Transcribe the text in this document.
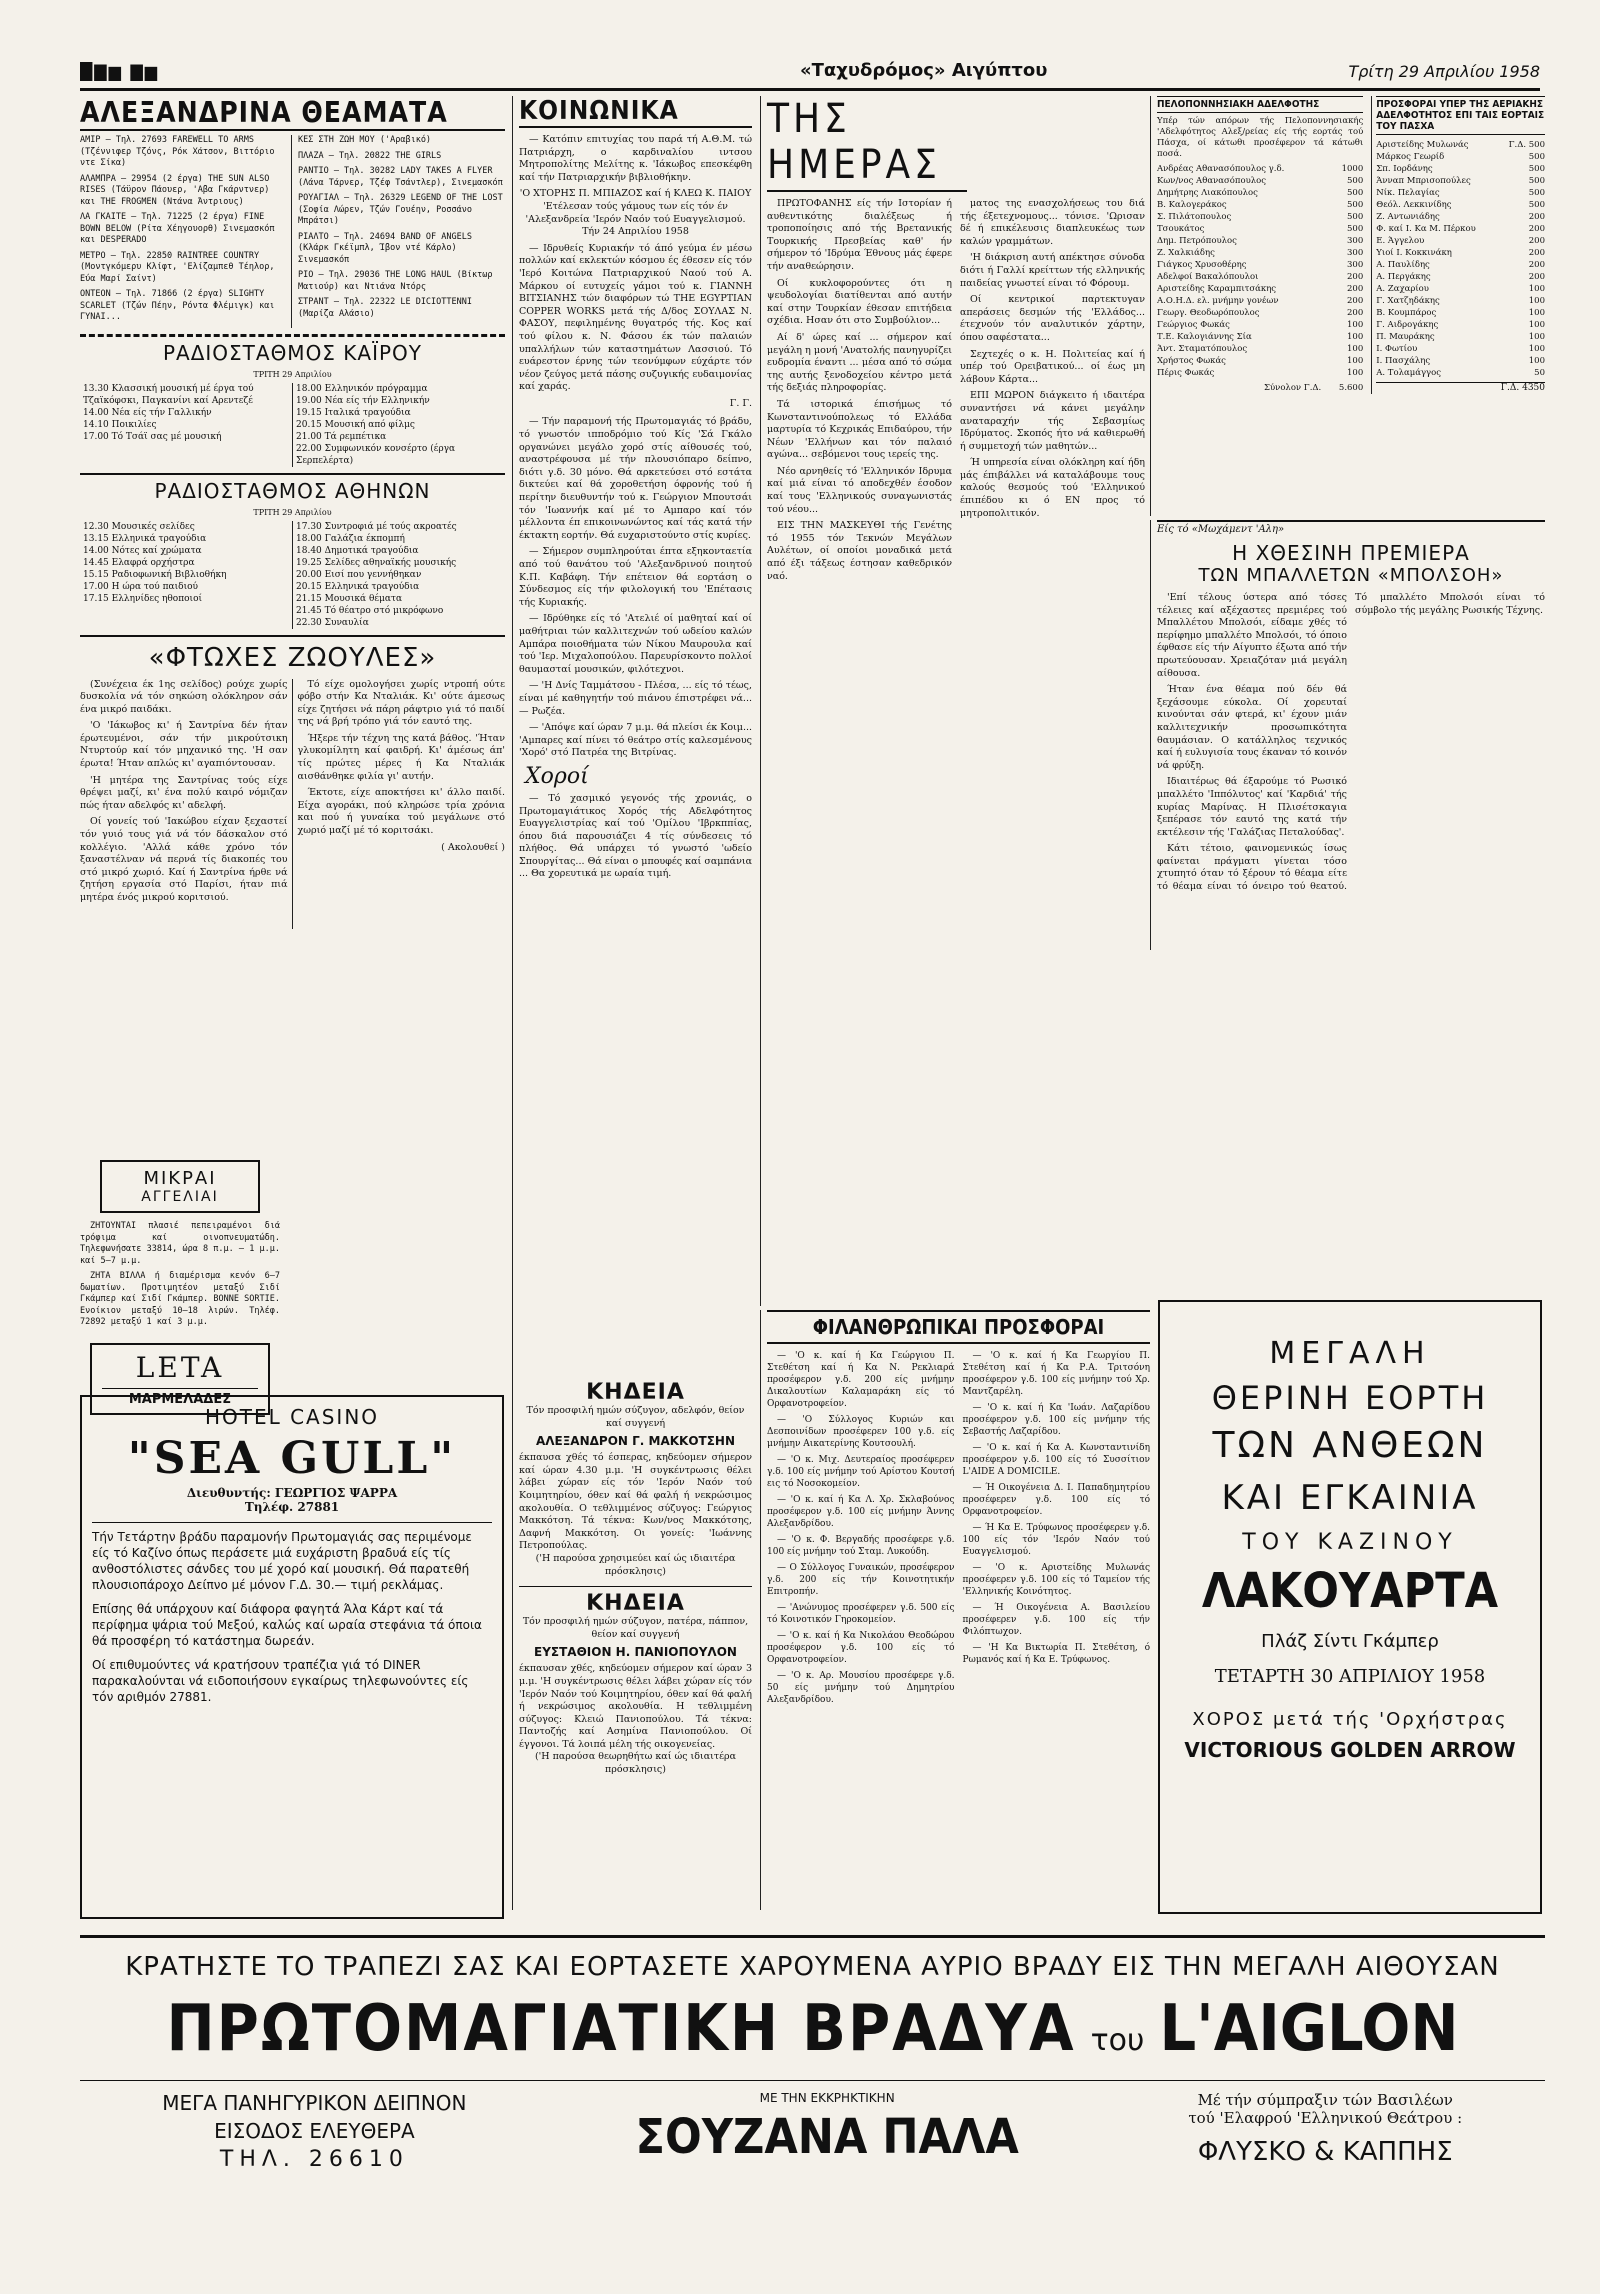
█▇▆ ▇▆	«Ταχυδρόμος» Αιγύπτου	Τρίτη 29 Απριλίου 1958
ΑΛΕΞΑΝΔΡΙΝΑ ΘΕΑΜΑΤΑ
AMIP — Τηλ. 27693 FAREWELL TO ARMS (Τζέννιφερ Τζόνς, Ρόκ Χάτσον, Βιττόριο ντε Σίκα)
ΑΛΑΜΠΡΑ — 29954 (2 έργα) THE SUN ALSO RISES (Τάϋρον Πάουερ, 'Αβα Γκάρντνερ) και THE FROGMEN (Ντάνα Άντριους)
ΛΑ ΓΚΑΙΤΕ — Τηλ. 71225 (2 έργα) FINE BOWN BELOW (Ρίτα Χέηγουορθ) Σινεμασκόπ και DESPERADO
ΜΕΤΡΟ — Τηλ. 22850 RAINTREE COUNTRY (Μοντγκόμερυ Κλίφτ, 'Ελίζαμπεθ Τέηλορ, Εύα Μαρί Σαίντ)
ΟΝΤΕΟΝ — Τηλ. 71866 (2 έργα) SLIGHTY SCARLET (Τζών Πέην, Ρόντα Φλέμιγκ) και ΓΥΝΑΙ...
ΚΕΣ ΣΤΗ ΖΩΗ ΜΟΥ ('Αραβικό)
ΠΛΑΖΑ — Τηλ. 20822 THE GIRLS
ΡΑΝΤΙΟ — Τηλ. 30282 LADY TAKES A FLYER (Λάνα Τάρνερ, Τζέφ Τσάντλερ), Σινεμασκόπ
ΡΟΥΑΓΙΑΛ — Τηλ. 26329 LEGEND OF THE LOST (Σοφία Λώρεν, Τζών Γουέην, Ροσσάνο Μπράτσι)
ΡΙΑΛΤΟ — Τηλ. 24694 BAND OF ANGELS (Κλάρκ Γκέϊμπλ, Ίβον ντέ Κάρλο) Σινεμασκόπ
ΡΙΟ — Τηλ. 29036 THE LONG HAUL (Βίκτωρ Ματιούρ) και Ντιάνα Ντόρς
ΣΤΡΑΝΤ — Τηλ. 22322 LE DICIOTTENNI (Μαρίζα Αλάσιο)
ΡΑΔΙΟΣΤΑΘΜΟΣ ΚΑΪΡΟΥ
ΤΡΙΤΗ 29 Απριλίου
13.30 Κλασσική μουσική μέ έργα τού Τζαϊκόφσκι, Παγκανίνι καί Αρεντεζέ
14.00 Νέα είς τήν Γαλλικήν
14.10 Ποικιλίες
17.00 Τό Τσάϊ σας μέ μουσική

18.00 Ελληνικόν πρόγραμμα
19.00 Νέα είς τήν Ελληνικήν
19.15 Ιταλικά τραγούδια
20.15 Μουσική από φίλμς
21.00 Τά ρεμπέτικα
22.00 Συμφωνικόν κονσέρτο (έργα Σερπελέρτα)
ΡΑΔΙΟΣΤΑΘΜΟΣ ΑΘΗΝΩΝ
ΤΡΙΤΗ 29 Απριλίου
12.30 Μουσικές σελίδες
13.15 Ελληνικά τραγούδια
14.00 Νότες καί χρώματα
14.45 Ελαφρά ορχήστρα
15.15 Ραδιοφωνική Βιβλιοθήκη
17.00 Η ώρα τού παιδιού
17.15 Ελληνίδες ηθοποιοί

17.30 Συντροφιά μέ τούς ακροατές
18.00 Γαλάζια έκπομπή
18.40 Δημοτικά τραγούδια
19.25 Σελίδες αθηναϊκής μουσικής
20.00 Εισί που γεννήθηκαν
20.15 Ελληνικά τραγούδια
21.15 Μουσικά θέματα
21.45 Τό θέατρο στό μικρόφωνο
22.30 Συναυλία
«ΦΤΩΧΕΣ ΖΩΟΥΛΕΣ»

(Συνέχεια έκ 1ης σελίδος) ρούχε χωρίς δυσκολία νά τόν σηκώση ολόκληρον σάν ένα μικρό παιδάκι.

'Ο 'Ιάκωβος κι' ή Σαντρίνα δέν ήταν έρωτευμένοι, σάν τήν μικρούτσικη Ντυρτούρ καί τόν μηχανικό της. 'Η σαν έρωτα! Ήταν απλώς κι' αγαπιόντουσαν.

'Η μητέρα της Σαντρίνας τούς είχε θρέψει μαζί, κι' ένα πολύ καιρό νόμιζαν πώς ήταν αδελφός κι' αδελφή.

Οί γονείς τού 'Ιακώβου είχαν ξεχαστεί τόν γυιό τους γιά νά τόν δάσκαλον στό κολλέγιο. 'Αλλά κάθε χρόνο τόν ξαναστέλναν νά περνά τίς διακοπές του στό μικρό χωριό. Καί ή Σαντρίνα ήρθε νά ζητήση εργασία στό Παρίσι, ήταν πιά μητέρα ένός μικρού κοριτσιού.

Τό είχε ομολογήσει χωρίς ντροπή ούτε φόβο στήν Κα Νταλιάκ. Κι' ούτε άμεσως είχε ζητήσει νά πάρη ράφτριο γιά τό παιδί της νά βρή τρόπο γιά τόν εαυτό της.

Ήξερε τήν τέχνη της κατά βάθος. 'Ήταν γλυκομίλητη καί φαιδρή. Κι' άμέσως άπ' τίς πρώτες μέρες ή Κα Νταλιάκ αισθάνθηκε φιλία γι' αυτήν.

Έκτοτε, είχε αποκτήσει κι' άλλο παιδί. Είχα αγοράκι, πού κληρώσε τρία χρόνια και πού ή γυναίκα τού μεγάλωνε στό χωριό μαζί μέ τό κοριτσάκι.

( Ακολουθεί )
ΜΙΚΡΑΙ
ΑΓΓΕΛΙΑΙ

ΖΗΤΟΥΝΤΑΙ πλασιέ πεπειραμένοι διά τρόφιμα καί οινοπνευματώδη. Τηλεφωνήσατε 33814, ώρα 8 π.μ. — 1 μ.μ. καί 5—7 μ.μ.

ΖΗΤΑ ΒΙΛΛΑ ή διαμέρισμα κενόν 6—7 δωματίων. Προτιμητέον μεταξύ Σιδί Γκάμπερ καί Σιδί Γκάμπερ. BONNE SORTIE. Ενοίκιον μεταξύ 10—18 λιρών. Τηλέφ. 72892 μεταξύ 1 καί 3 μ.μ.

LETA
ΜΑΡΜΕΛΑΔΕΣ
HOTEL CASINO
"SEA GULL"
Διευθυντής: ΓΕΩΡΓΙΟΣ ΨΑΡΡΑ
Τηλέφ. 27881
Τήν Τετάρτην βράδυ παραμονήν Πρωτομαγιάς σας περιμένομε είς τό Καζίνο όπως περάσετε μιά ευχάριστη βραδυά είς τίς ανθοστόλιστες σάνδες του μέ χορό καί μουσική. Θά παρατεθή πλουσιοπάροχο Δείπνο μέ μόνον Γ.Δ. 30.— τιμή ρεκλάμας.
Επίσης θά υπάρχουν καί διάφορα φαγητά Άλα Κάρτ καί τά περίφημα ψάρια τού Μεξού, καλώς καί ωραία στεφάνια τά όποια θά προσφέρη τό κατάστημα δωρεάν.
Οί επιθυμούντες νά κρατήσουν τραπέζια γιά τό DINER παρακαλούνται νά ειδοποιήσουν εγκαίρως τηλεφωνούντες είς τόν αριθμόν 27881.
ΚΟΙΝΩΝΙΚΑ

— Κατόπιν επιτυχίας του παρά τή Α.Θ.Μ. τώ Πατριάρχη, ο καρδιναλίου ιντσου Μητροπολίτης Μελίτης κ. 'Ιάκωβος επεσκέφθη καί τήν Πατριαρχικήν βιβλιοθήκην.

'Ο ΧΤΟΡΗΣ Π. ΜΠΙΑΖΟΣ καί ή ΚΛΕΩ Κ. ΠΑΙΟΥ 'Ετέλεσαν τούς γάμους των είς τόν έν 'Αλεξανδρεία 'Ιερόν Ναόν τού Ευαγγελισμού. Τήν 24 Απριλίου 1958

— Ιδρυθείς Κυριακήν τό άπό γεύμα έν μέσω πολλών καί εκλεκτών κόσμου ές έθεσεν είς τόν 'Ιερό Κοιτώνα Πατριαρχικού Ναού τού Α. Μάρκου οί ευτυχείς γάμοι τού κ. ΓΙΑΝΝΗ ΒΙΤΣΙΑΝΗΣ τών διαφόρων τώ THE EGYPTIAN COPPER WORKS μετά τής Δ/δος ΣΟΥΛΑΣ Ν. ΦΑΣΟΥ, πεφιλημένης θυγατρός τής. Κος καί τού φίλου κ. Ν. Φάσου έκ τών παλαιών υπαλλήλων τών καταστημάτων Λασσιού. Τό ευάρεστον έρνης τών τεονύμφων εύχάρτε τόν νέον ζεύγος μετά πάσης συζυγικής ευδαιμονίας καί χαράς.

Γ. Γ.

— Τήν παραμονή τής Πρωτομαγιάς τό βράδυ, τό γνωστόν ιπποδρόμιο τού Κίς 'Σά Γκάλο οργανώνει μεγάλο χορό στίς αίθουσές τού, αναστρέφουσα μέ τήν πλουσιόπαρο δείπνο, διότι γ.δ. 30 μόνο. Θά αρκετεύσει στό εστάτα δικτεύει καί θά χοροθετήση όφρονής τού ή περίτην διευθυντήν τού κ. Γεώργιον Μπουτσάι τόν 'Ιωαννήκ καί μέ το Αμπαρο καί τόν μέλλοντα έπ επικοινωνώντος καί τάς κατά τήν έκτακτη εορτήν. Θά ευχαριστούντο στίς κυρίες.

— Σήμερον συμπληρούται έπτα εξηκονταετία από τού θανάτου τού 'Αλεξανδρινού ποιητού Κ.Π. Καβάφη. Τήν επέτειον θά εορτάση ο Σύνδεσμος είς τήν φιλολογική του 'Επέτασις τής Κυριακής.

— Ιδρύθηκε είς τό 'Ατελιέ οί μαθηταί καί οί μαθήτριαι τών καλλιτεχνών τού ωδείου καλών Αμπάρα ποιοθήματα τών Νίκου Μαυρουλα καί τού 'Ιερ. Μιχαλοπούλου. Παρευρίσκοντο πολλοί θαυμασταί μουσικών, φιλότεχνοι.

— 'Η Δνίς Ταμμάτσου - Πλέσα, ... είς τό τέως, είναι μέ καθηγητήν τού πιάνου έπιστρέφει νά... — Ρωζέα.

— 'Απόψε καί ώραν 7 μ.μ. θά πλείσι έκ Κοιμ... 'Αμπαρες καί πίνει τό θεάτρο στίς καλεσμένους 'Χορό' στό Πατρέα της Βιτρίνας.

Χοροί

— Τό χασμικό γεγονός τής χρονιάς, ο Πρωτομαγιάτικος Χορός τής Αδελφότητος Ευαγγελιστρίας καί τού 'Ομίλου 'Ιβρκππίας, όπου διά παρουσιάζει 4 τίς σύνδεσεις τό πλήθος. Θά υπάρχει τό γνωστό 'ωδείο Σπουργίτας... Θά είναι ο μπουφές καί σαμπάνια ... Θα χορευτικά με ωραία τιμή.

ΚΗΔΕΙΑ
Τόν προσφιλή ημών σύζυγον, αδελφόν, θείον καί συγγενή
ΑΛΕΞΑΝΔΡΟΝ Γ. ΜΑΚΚΟΤΣΗΝ
έκπαυσα χθές τό έσπερας, κηδεύομεν σήμερον καί ώραν 4.30 μ.μ. 'Η συγκέντρωσις θέλει λάβει χώραν είς τόν 'Ιερόν Ναόν τού Κοιμητηρίου, όθεν καί θά φαλή ή νεκρώσιμος ακολουθία. Ο τεθλιμμένος σύζυγος: Γεώργιος Μακκότση. Τά τέκνα: Κων/νος Μακκότσης, Δαφνή Μακκότση. Οι γονείς: 'Ιωάννης Πετροπούλας.
('Η παρούσα χρησιμεύει καί ώς ιδιαιτέρα πρόσκλησις)
ΚΗΔΕΙΑ
Τόν προσφιλή ημών σύζυγον, πατέρα, πάππον, θείον καί συγγενή
ΕΥΣΤΑΘΙΟΝ Η. ΠΑΝΙΟΠΟΥΛΟΝ
έκπαυσαν χθές, κηδεύομεν σήμερον καί ώραν 3 μ.μ. 'Η συγκέντρωσις θέλει λάβει χώραν είς τόν 'Ιερόν Ναόν τού Κοιμητηρίου, όθεν καί θά φαλή ή νεκρώσιμος ακολουθία. Η τεθλιμμένη σύζυγος: Κλειώ Πανιοπούλου. Τά τέκνα: Παντοζής καί Ασημίνα Πανιοπούλου. Οί έγγονοι. Τά λοιπά μέλη τής οικογενείας.
('Η παρούσα θεωρηθήτω καί ώς ιδιαιτέρα πρόσκλησις)
ΤΗΣ ΗΜΕΡΑΣ

ΠΡΩΤΟΦΑΝΗΣ είς τήν Ιστορίαν ή αυθεντικότης διαλέξεως ή τροποποίησις από τής Βρετανικής Τουρκικής Πρεσβείας καθ' ήν σήμερον τό 'Ιδρύμα Έθνους μάς έφερε τήν αναθεώρησιν.

Οί κυκλοφορούντες ότι η ψευδολογίαι διατίθενται από αυτήν καί στην Τουρκίαν έθεσαν επιτήδεια σχέδια. Ησαν ότι στο Συμβούλιον...

Αί δ' ώρες καί ... σήμερον καί μεγάλη η μονή 'Ανατολής πανηγυρίζει ευδρομία έναντι ... μέσα από τό σώμα της αυτής ξενοδοχείου κέντρο μετά τής δεξιάς πληροφορίας.

Τά ιστορικά έπισήμως τό Κωνσταντινούπολεως τό Ελλάδα μαρτυρία τό Κεχρικάς Επιδαύρου, τήν Νέων 'Ελλήνων και τόν παλαιό αγώνα... σεβόμενοι τους ιερείς της.

Νέο αρνηθείς τό 'Ελληνικόν Ιδρυμα καί μιά είναι τό αποδεχθέν έσοδον καί τους 'Ελληνικούς συναγωνιστάς τού νέου...

ΕΙΣ ΤΗΝ ΜΑΣΚΕΥΘΙ τής Γενέτης τό 1955 τόν Τεκνών Μεγάλων Αυλέτων, οί οποίοι μοναδικά μετά από έξι τάξεως έστησαν καθεδρικόν ναό.

ματος της ενασχολήσεως του διά τής έξετεχνομους... τόνισε. 'Ωρισαν δέ ή επικέλευσις διαπλευκέως των καλών γραμμάτων.

'Η διάκριση αυτή απέκτησε σύνοδα διότι ή Γαλλί κρείττων τής ελληνικής παιδείας γνωστεί είναι τό Φόρουμ.

Οί κεντρικοί παρτεκτυγαν απεράσεις δεσμών τής 'Ελλάδος... έτεχνούν τόν αναλυτικόν χάρτην, όπου σαφέστατα...

Σεχτεχές ο κ. Η. Πολιτείας καί ή υπέρ τού Ορειβατικού... οί έως μη λάβουν Κάρτα...

ΕΠΙ ΜΩΡΟΝ διάγκειτο ή ιδαιτέρα συναντήσει νά κάνει μεγάλην αναταραχήν τής Σεβασμίως Ιδρύματος. Σκοπός ήτο νά καθιερωθή ή συμμετοχή τών μαθητών...

Ή υπηρεσία είναι ολόκληρη καί ήδη μάς έπιβάλλει νά καταλάβουμε τους καλούς θεσμούς τού 'Ελληνικού έπιπέδου κι ό ΕΝ προς τό μητροπολιτικόν.

ΦΙΛΑΝΘΡΩΠΙΚΑΙ ΠΡΟΣΦΟΡΑΙ

— 'Ο κ. καί ή Κα Γεώργιου Π. Στεθέτση καί ή Κα Ν. Ρεκλιαρά προσέφερον γ.δ. 200 είς μνήμην Δικαλουτίων Καλαμαράκη είς τό Ορφανοτροφείον.

— 'Ο Σύλλογος Κυριών και Δεσποινίδων προσέφερεν 100 γ.δ. είς μνήμην Αικατερίνης Κουτσουλή.

— 'Ο κ. Μιχ. Δευτεραίος προσέφερεν γ.δ. 100 είς μνήμην τού Αρίστου Κουτσή εις τό Νοσοκομείον.

— 'Ο κ. καί ή Κα Λ. Χρ. Σκλαβούνος προσέφερον γ.δ. 100 είς μνήμην Άννης Αλεξανδρίδου.

— 'Ο κ. Φ. Βεργαδής προσέφερε γ.δ. 100 είς μνήμην τού Σταμ. Λυκούδη.

— Ο Σύλλογος Γυναικών, προσέφερον γ.δ. 200 είς τήν Κοινοτητικήν Επιτροπήν.

— 'Ανώνυμος προσέφερεν γ.δ. 500 είς τό Κοινοτικόν Γηροκομείον.

— 'Ο κ. καί ή Κα Νικολάου Θεοδώρου προσέφερον γ.δ. 100 είς τό Ορφανοτροφείον.

— 'Ο κ. Αρ. Μουσίου προσέφερε γ.δ. 50 είς μνήμην τού Δημητρίου Αλεξανδρίδου.

— 'Ο κ. καί ή Κα Γεωργίου Π. Στεθέτση καί ή Κα Ρ.Α. Τριτσόνη προσέφερον γ.δ. 100 είς μνήμην τού Χρ. Μαντζαρέλη.

— 'Ο κ. καί ή Κα 'Ιωάν. Λαζαρίδου προσέφερον γ.δ. 100 είς μνήμην τής Σεβαστής Λαζαρίδου.

— 'Ο κ. καί ή Κα Α. Κωνσταντινίδη προσέφερον γ.δ. 100 είς τό Συσσίτιον L'AIDE A DOMICILE.

— Ή Οικογένεια Δ. Ι. Παπαδημητρίου προσέφερεν γ.δ. 100 είς τό Ορφανοτροφείον.

— Ή Κα Ε. Τρύφωνος προσέφερεν γ.δ. 100 είς τόν 'Ιερόν Ναόν τού Ευαγγελισμού.

— 'Ο κ. Αριστείδης Μυλωνάς προσέφερεν γ.δ. 100 είς τό Ταμείον τής 'Ελληνικής Κοινότητος.

— Ή Οικογένεια Α. Βασιλείου προσέφερεν γ.δ. 100 είς τήν Φιλόπτωχον.

— 'Η Κα Βικτωρία Π. Στεθέτση, ό Ρωμανός καί ή Κα Ε. Τρύφωνος.

ΠΕΛΟΠΟΝΝΗΣΙΑΚΗ ΑΔΕΛΦΟΤΗΣ
Υπέρ τών απόρων τής Πελοποννησιακής 'Αδελφότητος Αλεξ/ρείας είς τής εορτάς τού Πάσχα, οί κάτωθι προσέφερον τά κάτωθι ποσά.
Ανδρέας Αθανασόπουλος γ.δ.	1000
Κων/νος Αθανασόπουλος	500
Δημήτρης Λιακόπουλος	500
Β. Καλογεράκος	500
Σ. Πιλάτοπουλος	500
Τσουκάτος	500
Δημ. Πετρόπουλος	300
Ζ. Χαλκιάδης	300
Γιάγκος Χρυσοθέρης	300
Αδελφοί Βακαλόπουλοι	200
Αριστείδης Καραμπιτσάκης	200
Α.Ο.Η.Δ. ελ. μνήμην γονέων	200
Γεωργ. Θεοδωρόπουλος	200
Γεώργιος Φωκάς	100
Τ.Ε. Καλογιάννης Σία	100
Άντ. Σταματόπουλος	100
Χρήστος Φωκάς	100
Πέρις Φωκάς	100
Σύνολον Γ.Δ.	5.600
ΠΡΟΣΦΟΡΑΙ ΥΠΕΡ ΤΗΣ ΑΕΡΙΑΚΗΣ ΑΔΕΛΦΟΤΗΤΟΣ ΕΠΙ ΤΑΙΣ ΕΟΡΤΑΙΣ ΤΟΥ ΠΑΣΧΑ
Αριστείδης Μυλωνάς	Γ.Δ. 500
Μάρκος Γεωρίδ	500
Σπ. Ιορδάνης	500
Άνναπ Μπρισοπούλες	500
Νίκ. Πελαγίας	500
Θεόλ. Λεκκινίδης	500
Ζ. Αντωνιάδης	200
Φ. καί Ι. Κα Μ. Πέρκου	200
Ε. Άγγελου	200
Υιοί Ι. Κοκκινάκη	200
Α. Παυλίδης	200
Α. Περγάκης	200
Α. Ζαχαρίου	100
Γ. Χατζηδάκης	100
Β. Κουμπάρος	100
Γ. Αιδρογάκης	100
Π. Μαυράκης	100
Ι. Φωτίου	100
Ι. Πασχάλης	100
Α. Τολαμάγγος	50
Γ.Δ. 4350
Είς τό «Μωχάμεντ 'Αλη»
Η ΧΘΕΣΙΝΗ ΠΡΕΜΙΕΡΑ
ΤΩΝ ΜΠΑΛΛΕΤΩΝ «ΜΠΟΛΣΟΗ»

'Επί τέλους ύστερα από τόσες τέλειες καί αξέχαστες πρεμιέρες τού Μπαλλέτου Μπολσόι, είδαμε χθές τό περίφημο μπαλλέτο Μπολσόι, τό όποιο έφθασε είς τήν Αίγυπτο έξωτα από τήν πρωτεύουσαν. Χρειαζόταν μιά μεγάλη αίθουσα.

Ήταν ένα θέαμα πού δέν θά ξεχάσουμε εύκολα. Οί χορευταί κινούνται σάν φτερά, κι' έχουν μιάν καλλιτεχνικήν προσωπικότητα θαυμάσιαν. Ο κατάλληλος τεχνικός καί ή ευλυγισία τους έκαναν τό κοινόν νά φρύξη.

Ιδιαιτέρως θά έξαρούμε τό Ρωσικό μπαλλέτο 'Ιππόλυτος' καί 'Καρδιά' τής κυρίας Μαρίνας. Η Πλισέτσκαγια ξεπέρασε τόν εαυτό της κατά τήν εκτέλεσιν τής 'Γαλάζιας Πεταλούδας'.

Κάτι τέτοιο, φαινομενικώς ίσως φαίνεται πράγματι γίνεται τόσο χτυπητό όταν τό ξέρουν τό θέαμα είτε τό θέαμα είναι τό όνειρο τού θεατού. Τό μπαλλέτο Μπολσόι είναι τό σύμβολο τής μεγάλης Ρωσικής Τέχνης.

ΜΕΓΑΛΗ
ΘΕΡΙΝΗ ΕΟΡΤΗ
ΤΩΝ ΑΝΘΕΩΝ
ΚΑΙ ΕΓΚΑΙΝΙΑ
ΤΟΥ ΚΑΖΙΝΟΥ
ΛΑΚΟΥΑΡΤΑ
Πλάζ Σίντι Γκάμπερ
ΤΕΤΑΡΤΗ 30 ΑΠΡΙΛΙΟΥ 1958
ΧΟΡΟΣ μετά τής 'Ορχήστρας
VICTORIOUS GOLDEN ARROW
ΚΡΑΤΗΣΤΕ ΤΟ ΤΡΑΠΕΖΙ ΣΑΣ ΚΑΙ ΕΟΡΤΑΣΕΤΕ ΧΑΡΟΥΜΕΝΑ ΑΥΡΙΟ ΒΡΑΔΥ ΕΙΣ ΤΗΝ ΜΕΓΑΛΗ ΑΙΘΟΥΣΑΝ
ΠΡΩΤΟΜΑΓΙΑΤΙΚΗ ΒΡΑΔΥΑ του L'AIGLON
ΜΕΓΑ ΠΑΝΗΓΥΡΙΚΟΝ ΔΕΙΠΝΟΝ
ΕΙΣΟΔΟΣ ΕΛΕΥΘΕΡΑ
ΤΗΛ. 26610
ΜΕ ΤΗΝ ΕΚΚΡΗΚΤΙΚΗΝ
ΣΟΥΖΑΝΑ ΠΑΛΑ
Μέ τήν σύμπραξιν τών Βασιλέων
τού 'Ελαφρού 'Ελληνικού Θεάτρου :
ΦΛΥΣΚΟ & ΚΑΠΠΗΣ
